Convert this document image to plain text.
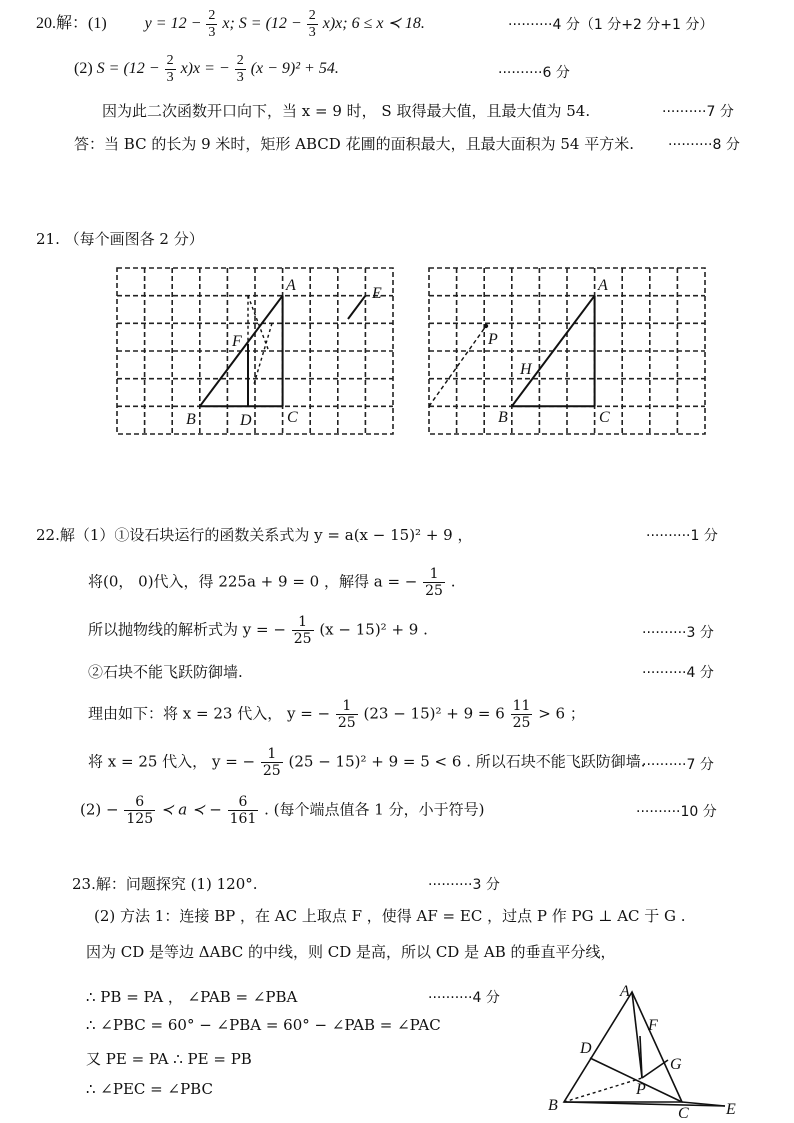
20.解：(1) $y = 12 - \frac{2}{3} x$; $S = (12 - \frac{2}{3} x)x$; 6 ≤ x ≺ 18.	··········4 分（1 分+2 分+1 分）
(2) $S = (12 - \frac{2}{3} x)x$ = − $\frac{2}{3} (x - 9)^2 + 54$.	··········6 分
因为此二次函数开口向下，当 x = 9 时， S 取得最大值，且最大值为 54.	··········7 分
答：当 BC 的长为 9 米时，矩形 ABCD 花圃的面积最大，且最大面积为 54 平方米. ··········8 分
21. （每个画图各 2 分）
A	E
F
B	D C
A
P
H
B	C
22.解（1）①设石块运行的函数关系式为 y = a(x − 15)² + 9 ，	··········1 分
将(0， 0)代入，得 225a + 9 = 0 ，解得 a = − $\frac{1}{25}$ .
所以抛物线的解析式为 y = − $\frac{1}{25} (x - 15)^2 + 9$ .	··········3 分
②石块不能飞跃防御墙.	··········4 分
理由如下：将 x = 23 代入， y = − $\frac{1}{25} (23 - 15)^2 + 9 = 6 \frac{11}{25} > 6$ ；
将 x = 25 代入， y = − $\frac{1}{25} (25 - 15)^2 + 9 = 5 < 6$ . 所以石块不能飞跃防御墙.
··········7 分
$(2) - \frac{6}{125}$ ≺ a ≺ − $\frac{6}{161}$ . (每个端点值各 1 分，小于符号)	··········10 分
23.解：问题探究 (1) 120°.	··········3 分
(2) 方法 1：连接 BP ，在 AC 上取点 F ，使得 AF = EC ，过点 P 作 PG ⊥ AC 于 G .
因为 CD 是等边 ΔABC 的中线，则 CD 是高，所以 CD 是 AB 的垂直平分线，
∴ PB = PA ， ∠PAB = ∠PBA	··········4 分
∴ ∠PBC = 60° − ∠PBA = 60° − ∠PAB = ∠PAC
又 PE = PA ∴ PE = PB
∴ ∠PEC = ∠PBC
A
F
D
G
P
B	C E
